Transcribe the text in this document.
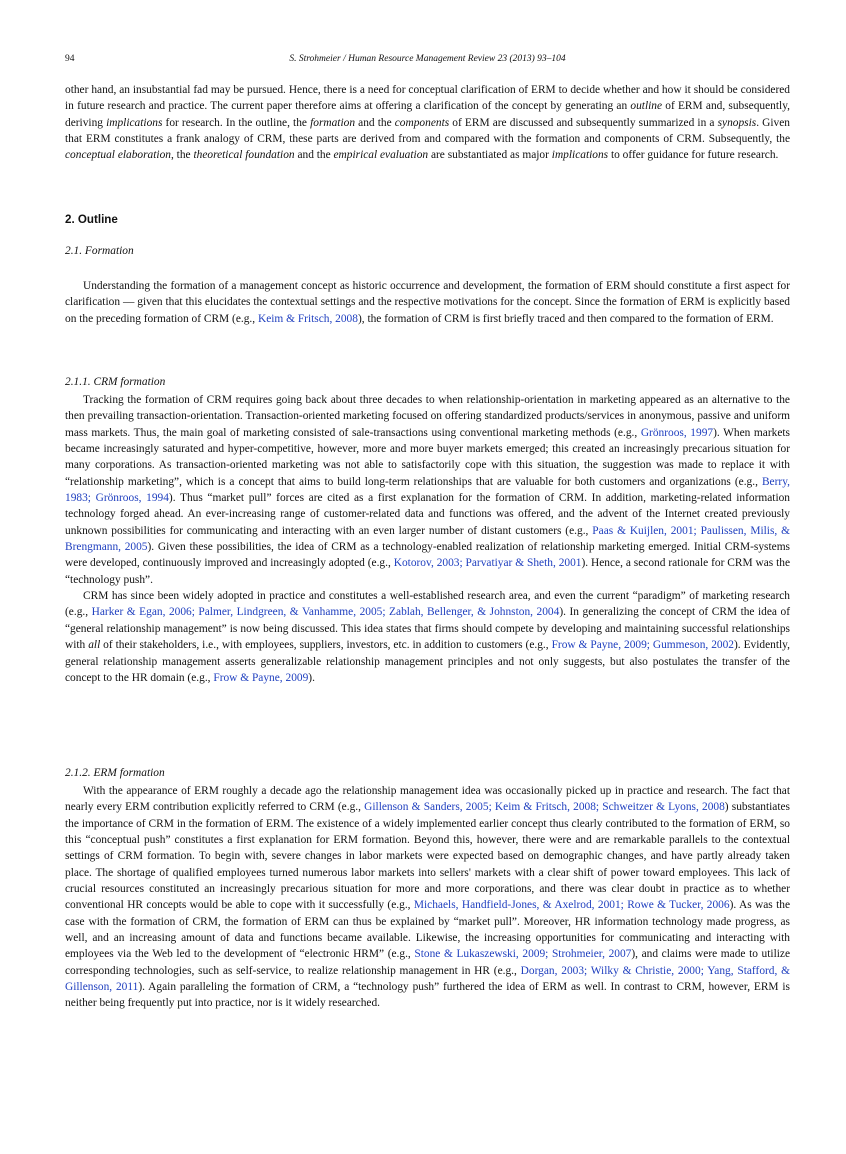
94	S. Strohmeier / Human Resource Management Review 23 (2013) 93–104

other hand, an insubstantial fad may be pursued. Hence, there is a need for conceptual clarification of ERM to decide whether and how it should be considered in future research and practice. The current paper therefore aims at offering a clarification of the concept by generating an outline of ERM and, subsequently, deriving implications for research. In the outline, the formation and the components of ERM are discussed and subsequently summarized in a synopsis. Given that ERM constitutes a frank analogy of CRM, these parts are derived from and compared with the formation and components of CRM. Subsequently, the conceptual elaboration, the theoretical foundation and the empirical evaluation are substantiated as major implications to offer guidance for future research.

2. Outline
2.1. Formation

Understanding the formation of a management concept as historic occurrence and development, the formation of ERM should constitute a first aspect for clarification — given that this elucidates the contextual settings and the respective motivations for the concept. Since the formation of ERM is explicitly based on the preceding formation of CRM (e.g., Keim & Fritsch, 2008), the formation of CRM is first briefly traced and then compared to the formation of ERM.

2.1.1. CRM formation

Tracking the formation of CRM requires going back about three decades to when relationship-orientation in marketing appeared as an alternative to the then prevailing transaction-orientation. Transaction-oriented marketing focused on offering standardized products/services in anonymous, passive and uniform mass markets. Thus, the main goal of marketing consisted of sale-transactions using conventional marketing methods (e.g., Grönroos, 1997). When markets became increasingly saturated and hyper-competitive, however, more and more buyer markets emerged; this created an increasingly precarious situation for many corporations. As transaction-oriented marketing was not able to satisfactorily cope with this situation, the suggestion was made to replace it with “relationship marketing”, which is a concept that aims to build long-term relationships that are valuable for both customers and organizations (e.g., Berry, 1983; Grönroos, 1994). Thus “market pull” forces are cited as a first explanation for the formation of CRM. In addition, marketing-related information technology forged ahead. An ever-increasing range of customer-related data and functions was offered, and the advent of the Internet created previously unknown possibilities for communicating and interacting with an even larger number of distant customers (e.g., Paas & Kuijlen, 2001; Paulissen, Milis, & Brengmann, 2005). Given these possibilities, the idea of CRM as a technology-enabled realization of relationship marketing emerged. Initial CRM-systems were developed, continuously improved and increasingly adopted (e.g., Kotorov, 2003; Parvatiyar & Sheth, 2001). Hence, a second rationale for CRM was the “technology push”.

CRM has since been widely adopted in practice and constitutes a well-established research area, and even the current “paradigm” of marketing research (e.g., Harker & Egan, 2006; Palmer, Lindgreen, & Vanhamme, 2005; Zablah, Bellenger, & Johnston, 2004). In generalizing the concept of CRM the idea of “general relationship management” is now being discussed. This idea states that firms should compete by developing and maintaining successful relationships with all of their stakeholders, i.e., with employees, suppliers, investors, etc. in addition to customers (e.g., Frow & Payne, 2009; Gummeson, 2002). Evidently, general relationship management asserts generalizable relationship management principles and not only suggests, but also postulates the transfer of the concept to the HR domain (e.g., Frow & Payne, 2009).

2.1.2. ERM formation

With the appearance of ERM roughly a decade ago the relationship management idea was occasionally picked up in practice and research. The fact that nearly every ERM contribution explicitly referred to CRM (e.g., Gillenson & Sanders, 2005; Keim & Fritsch, 2008; Schweitzer & Lyons, 2008) substantiates the importance of CRM in the formation of ERM. The existence of a widely implemented earlier concept thus clearly contributed to the formation of ERM, so this “conceptual push” constitutes a first explanation for ERM formation. Beyond this, however, there were and are remarkable parallels to the contextual settings of CRM formation. To begin with, severe changes in labor markets were expected based on demographic changes, and have partly already taken place. The shortage of qualified employees turned numerous labor markets into sellers' markets with a clear shift of power toward employees. This lack of crucial resources constituted an increasingly precarious situation for more and more corporations, and there was clear doubt in practice as to whether conventional HR concepts would be able to cope with it successfully (e.g., Michaels, Handfield-Jones, & Axelrod, 2001; Rowe & Tucker, 2006). As was the case with the formation of CRM, the formation of ERM can thus be explained by “market pull”. Moreover, HR information technology made progress, as well, and an increasing amount of data and functions became available. Likewise, the increasing opportunities for communicating and interacting with employees via the Web led to the development of “electronic HRM” (e.g., Stone & Lukaszewski, 2009; Strohmeier, 2007), and claims were made to utilize corresponding technologies, such as self-service, to realize relationship management in HR (e.g., Dorgan, 2003; Wilky & Christie, 2000; Yang, Stafford, & Gillenson, 2011). Again paralleling the formation of CRM, a “technology push” furthered the idea of ERM as well. In contrast to CRM, however, ERM is neither being frequently put into practice, nor is it widely researched.
